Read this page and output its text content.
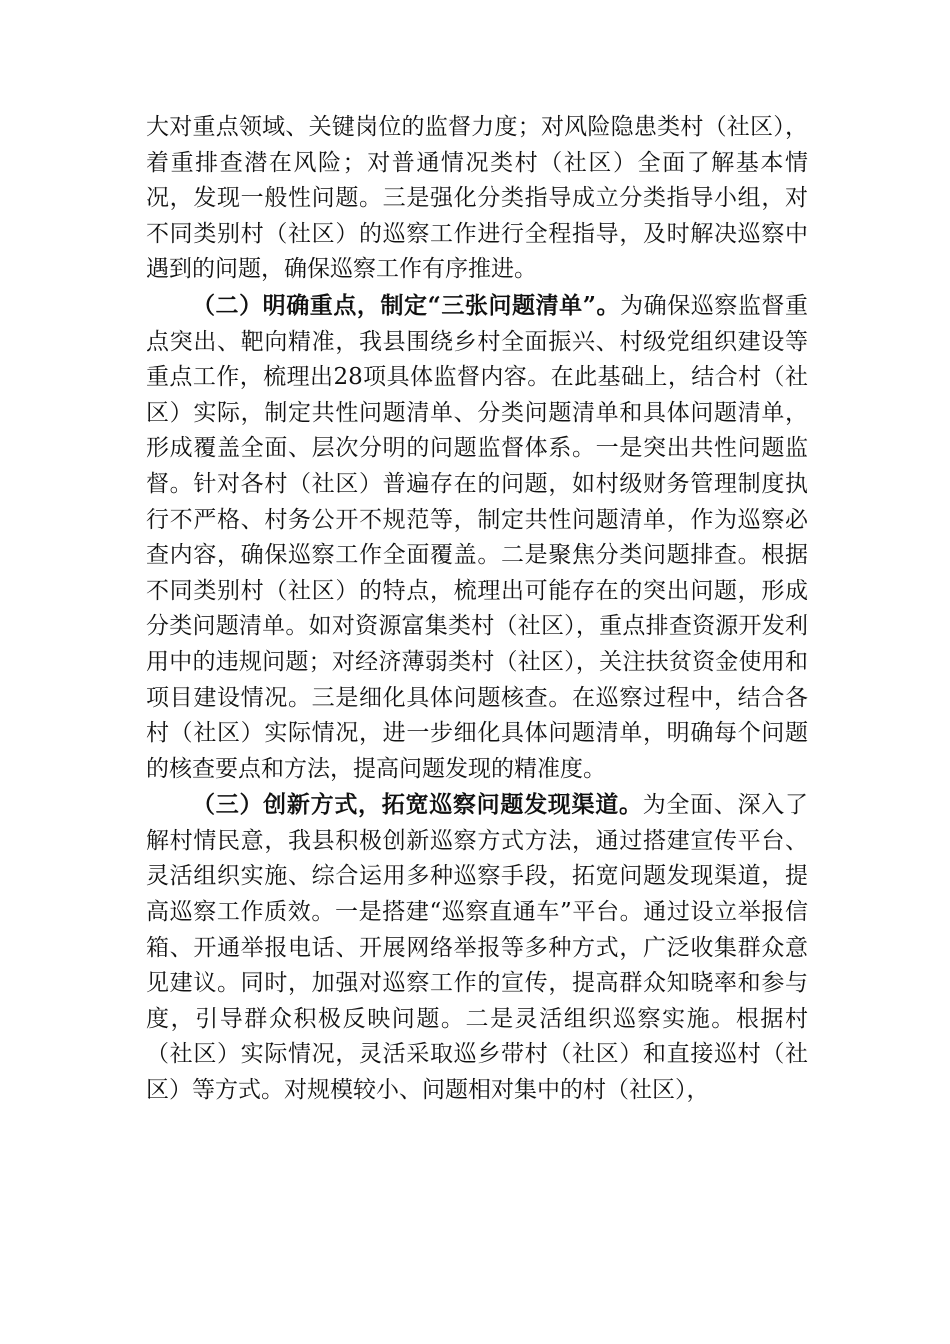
大对重点领域、关键岗位的监督力度；对风险隐患类村（社区），着重排查潜在风险；对普通情况类村（社区）全面了解基本情况，发现一般性问题。三是强化分类指导成立分类指导小组，对不同类别村（社区）的巡察工作进行全程指导，及时解决巡察中遇到的问题，确保巡察工作有序推进。

（二）明确重点，制定“三张问题清单”。为确保巡察监督重点突出、靶向精准，我县围绕乡村全面振兴、村级党组织建设等重点工作，梳理出28项具体监督内容。在此基础上，结合村（社区）实际，制定共性问题清单、分类问题清单和具体问题清单，形成覆盖全面、层次分明的问题监督体系。一是突出共性问题监督。针对各村（社区）普遍存在的问题，如村级财务管理制度执行不严格、村务公开不规范等，制定共性问题清单，作为巡察必查内容，确保巡察工作全面覆盖。二是聚焦分类问题排查。根据不同类别村（社区）的特点，梳理出可能存在的突出问题，形成分类问题清单。如对资源富集类村（社区），重点排查资源开发利用中的违规问题；对经济薄弱类村（社区），关注扶贫资金使用和项目建设情况。三是细化具体问题核查。在巡察过程中，结合各村（社区）实际情况，进一步细化具体问题清单，明确每个问题的核查要点和方法，提高问题发现的精准度。

（三）创新方式，拓宽巡察问题发现渠道。为全面、深入了解村情民意，我县积极创新巡察方式方法，通过搭建宣传平台、灵活组织实施、综合运用多种巡察手段，拓宽问题发现渠道，提高巡察工作质效。一是搭建“巡察直通车”平台。通过设立举报信箱、开通举报电话、开展网络举报等多种方式，广泛收集群众意见建议。同时，加强对巡察工作的宣传，提高群众知晓率和参与度，引导群众积极反映问题。二是灵活组织巡察实施。根据村（社区）实际情况，灵活采取巡乡带村（社区）和直接巡村（社区）等方式。对规模较小、问题相对集中的村（社区），
